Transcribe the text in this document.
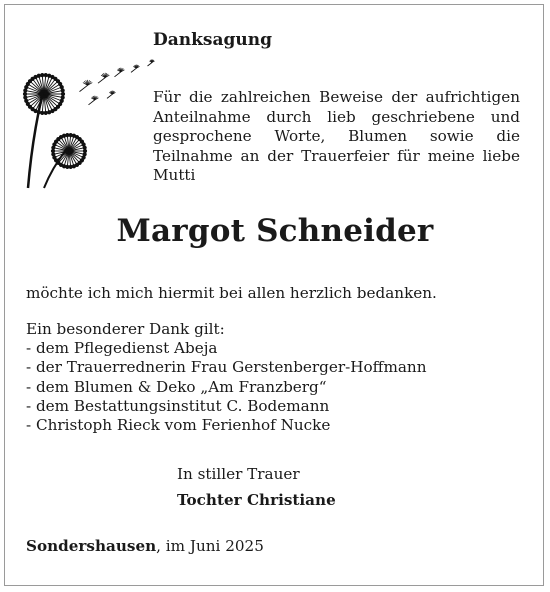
Danksagung
Für die zahlreichen Beweise der aufrichtigen Anteilnahme durch lieb geschriebene und gesprochene Worte, Blumen sowie die Teilnahme an der Trauerfeier für meine liebe Mutti
Margot Schneider
möchte ich mich hiermit bei allen herzlich bedanken.
Ein besonderer Dank gilt:
- dem Pflegedienst Abeja
- der Trauerrednerin Frau Gerstenberger-Hoffmann
- dem Blumen & Deko „Am Franzberg“
- dem Bestattungsinstitut C. Bodemann
- Christoph Rieck vom Ferienhof Nucke
In stiller Trauer
Tochter Christiane
Sondershausen, im Juni 2025
